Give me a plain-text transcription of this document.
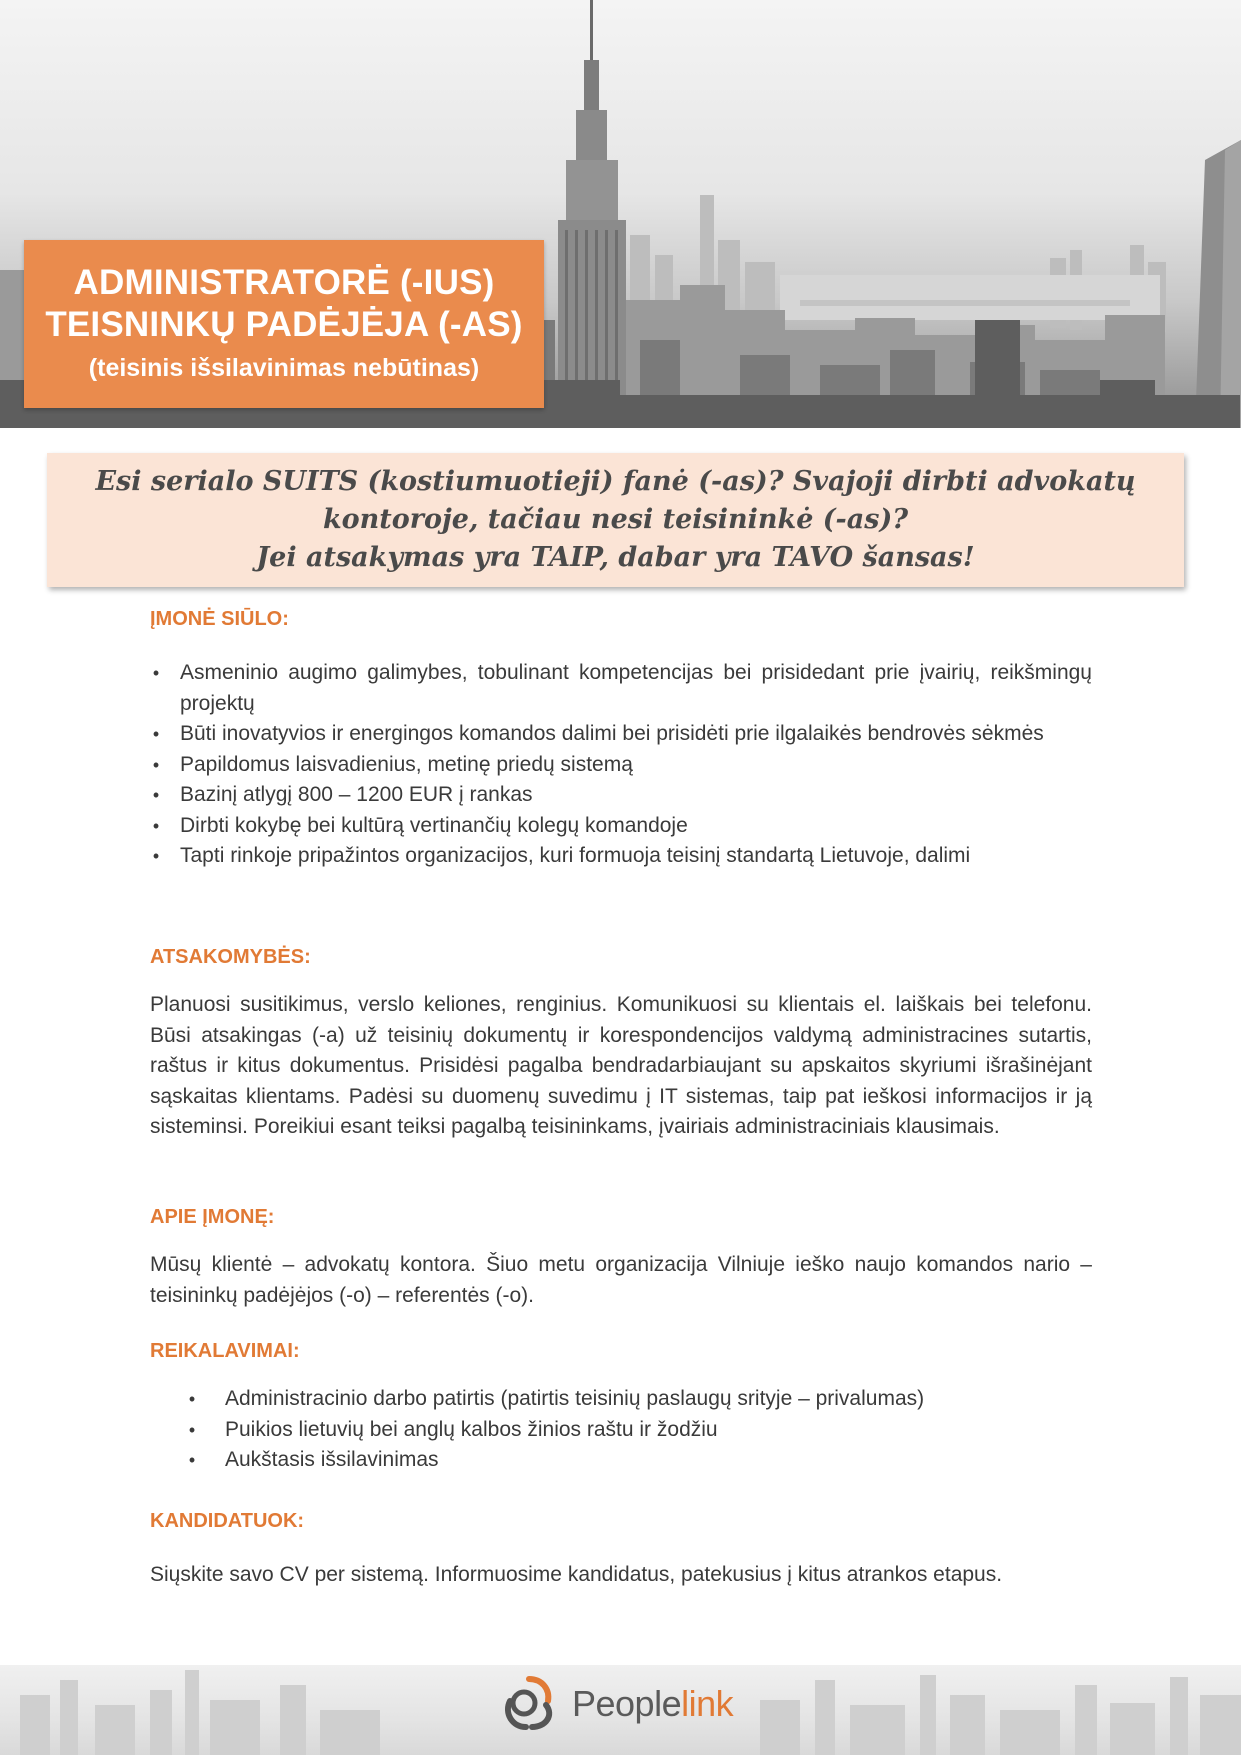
ADMINISTRATORĖ (-IUS)
TEISNINKŲ PADĖJĖJA (-AS)
(teisinis išsilavinimas nebūtinas)
Esi serialo SUITS (kostiumuotieji) fanė (-as)? Svajoji dirbti advokatų
kontoroje, tačiau nesi teisininkė (-as)?
Jei atsakymas yra TAIP, dabar yra TAVO šansas!
ĮMONĖ SIŪLO:
• Asmeninio augimo galimybes, tobulinant kompetencijas bei prisidedant prie įvairių, reikšmingų projektų
• Būti inovatyvios ir energingos komandos dalimi bei prisidėti prie ilgalaikės bendrovės sėkmės
• Papildomus laisvadienius, metinę priedų sistemą
• Bazinį atlygį 800 – 1200 EUR į rankas
• Dirbti kokybę bei kultūrą vertinančių kolegų komandoje
• Tapti rinkoje pripažintos organizacijos, kuri formuoja teisinį standartą Lietuvoje, dalimi
ATSAKOMYBĖS:

Planuosi susitikimus, verslo keliones, renginius. Komunikuosi su klientais el. laiškais bei telefonu. Būsi atsakingas (-a) už teisinių dokumentų ir korespondencijos valdymą administracines sutartis, raštus ir kitus dokumentus. Prisidėsi pagalba bendradarbiaujant su apskaitos skyriumi išrašinėjant sąskaitas klientams. Padėsi su duomenų suvedimu į IT sistemas, taip pat ieškosi informacijos ir ją sisteminsi. Poreikiui esant teiksi pagalbą teisininkams, įvairiais administraciniais klausimais.

APIE ĮMONĘ:

Mūsų klientė – advokatų kontora. Šiuo metu organizacija Vilniuje ieško naujo komandos nario – teisininkų padėjėjos (-o) – referentės (-o).

REIKALAVIMAI:
• Administracinio darbo patirtis (patirtis teisinių paslaugų srityje – privalumas)
• Puikios lietuvių bei anglų kalbos žinios raštu ir žodžiu
• Aukštasis išsilavinimas
KANDIDATUOK:

Siųskite savo CV per sistemą. Informuosime kandidatus, patekusius į kitus atrankos etapus.

Peoplelink
